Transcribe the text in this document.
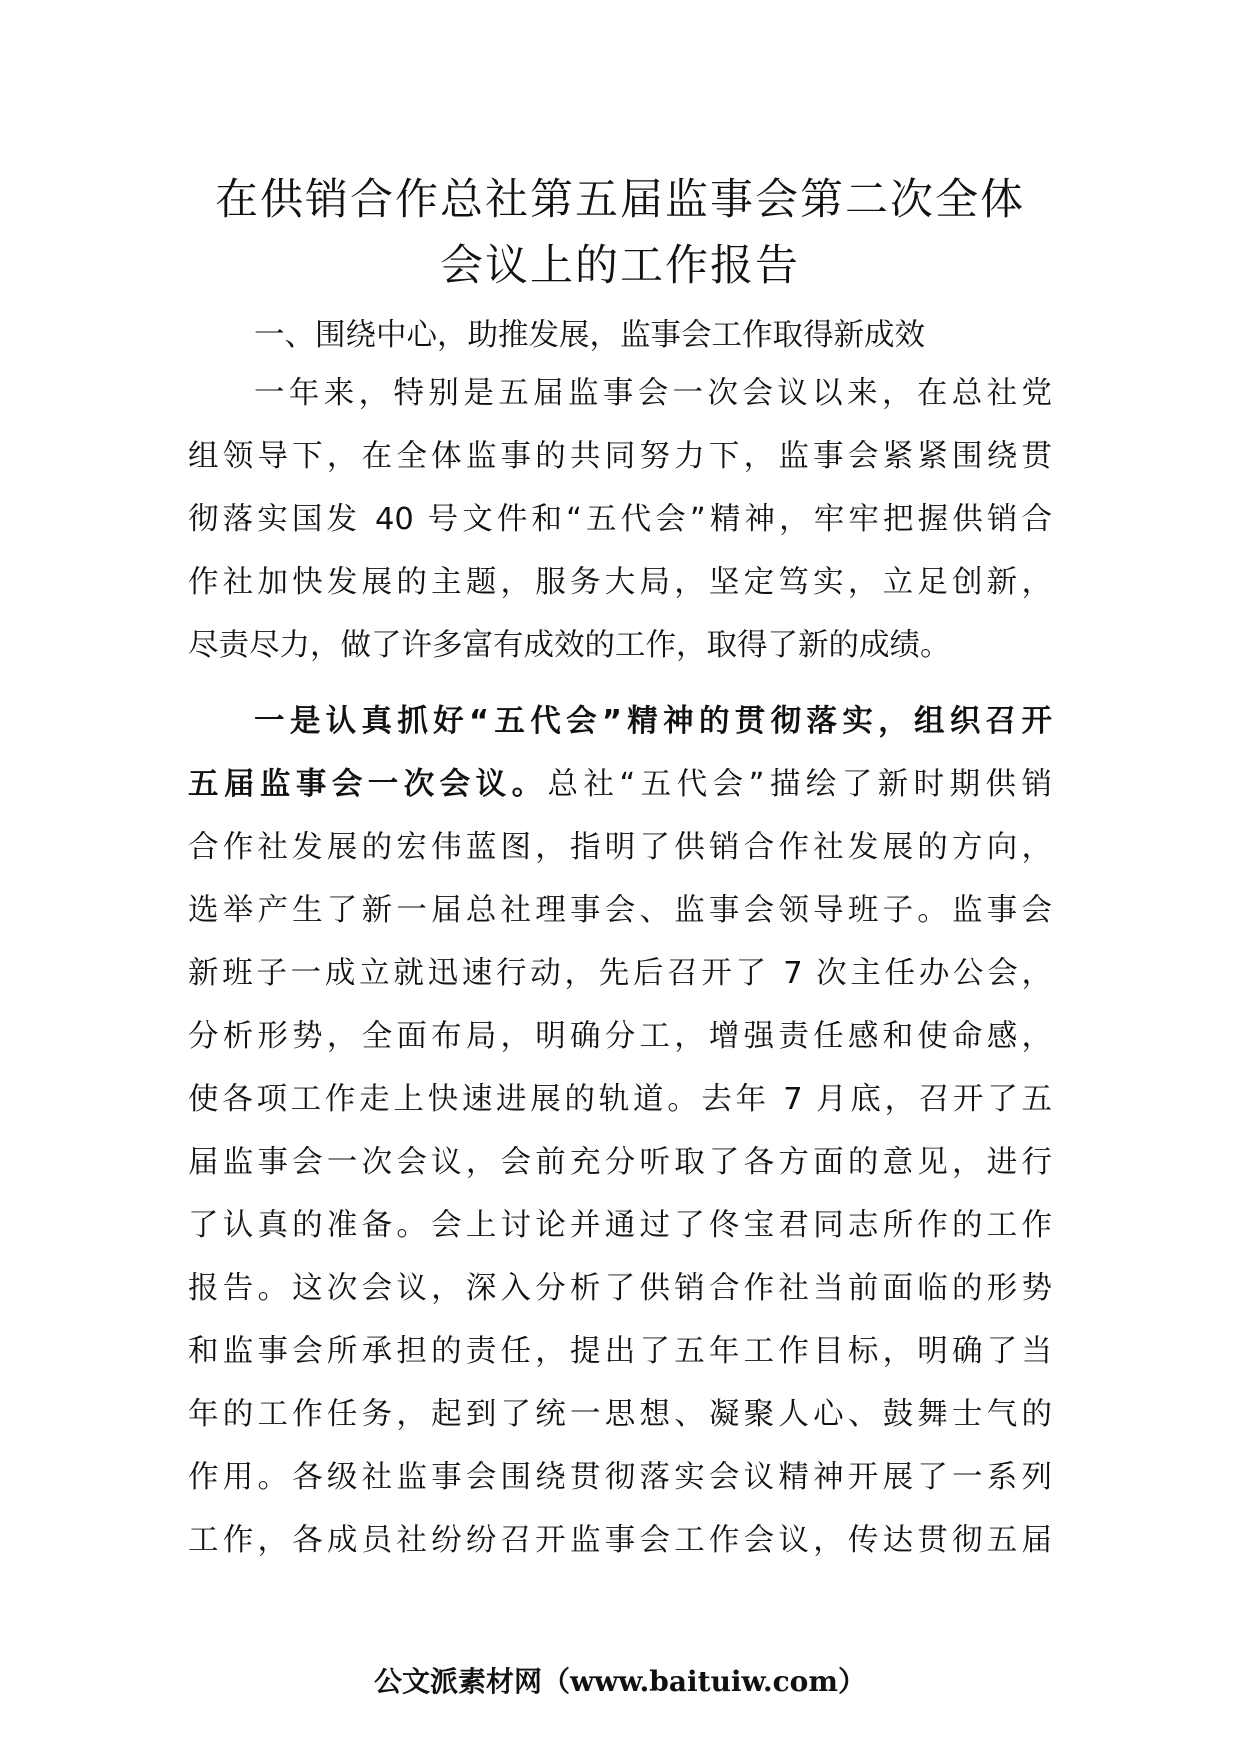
在供销合作总社第五届监事会第二次全体
会议上的工作报告

一、围绕中心，助推发展，监事会工作取得新成效

一年来，特别是五届监事会一次会议以来，在总社党
组领导下，在全体监事的共同努力下，监事会紧紧围绕贯
彻落实国发 40 号文件和“五代会”精神，牢牢把握供销合
作社加快发展的主题，服务大局，坚定笃实，立足创新，
尽责尽力，做了许多富有成效的工作，取得了新的成绩。
一是认真抓好“五代会”精神的贯彻落实，组织召开
五届监事会一次会议。总社“五代会”描绘了新时期供销
合作社发展的宏伟蓝图，指明了供销合作社发展的方向，
选举产生了新一届总社理事会、监事会领导班子。监事会
新班子一成立就迅速行动，先后召开了 7 次主任办公会，
分析形势，全面布局，明确分工，增强责任感和使命感，
使各项工作走上快速进展的轨道。去年 7 月底，召开了五
届监事会一次会议，会前充分听取了各方面的意见，进行
了认真的准备。会上讨论并通过了佟宝君同志所作的工作
报告。这次会议，深入分析了供销合作社当前面临的形势
和监事会所承担的责任，提出了五年工作目标，明确了当
年的工作任务，起到了统一思想、凝聚人心、鼓舞士气的
作用。各级社监事会围绕贯彻落实会议精神开展了一系列
工作，各成员社纷纷召开监事会工作会议，传达贯彻五届
公文派素材网（www.baituiw.com）
